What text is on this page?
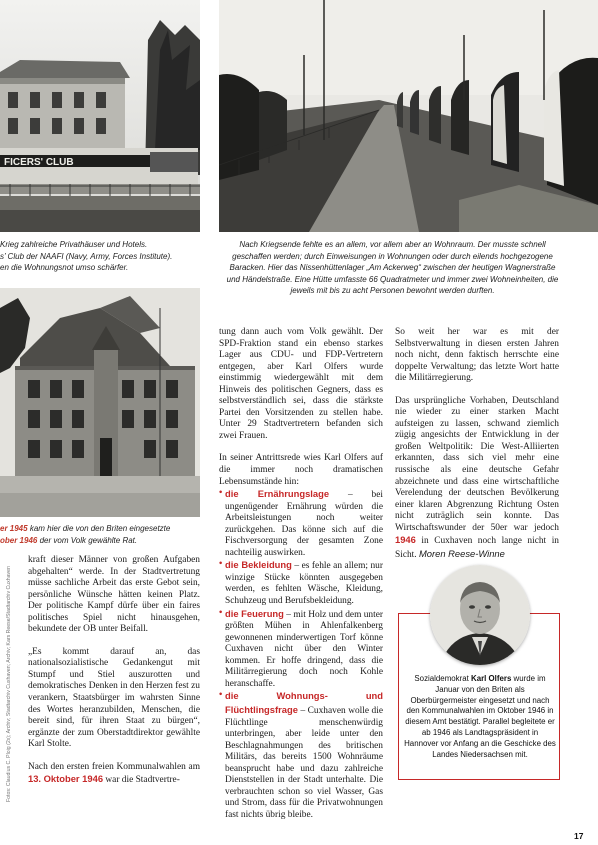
FICERS' CLUB
Krieg zahlreiche Privathäuser und Hotels.
s’ Club der NAAFI (Navy, Army, Forces Institute).
en die Wohnungsnot umso schärfer.
Nach Kriegsende fehlte es an allem, vor allem aber an Wohnraum. Der musste schnell geschaffen werden; durch Einweisungen in Wohnungen oder durch eilends hochgezogene Baracken. Hier das Nissenhüttenlager „Am Ackerweg“ zwischen der heutigen Wagnerstraße und Händelstraße. Eine Hütte umfasste 66 Quadratmeter und immer zwei Wohneinheiten, die jeweils mit bis zu acht Personen bewohnt werden durften.
er 1945 kam hier die von den Briten eingesetzte
ober 1946 der vom Volk gewählte Rat.
Fotos: Claudius C. Ploig (2x); Archiv; Stadtarchiv Cuxhaven; Archiv; Kars Reese/Stadtarchiv Cuxhaven

kraft dieser Männer von großen Aufgaben abgehalten“ werde. In der Stadtvertretung müsse sachliche Arbeit das erste Gebot sein, persönliche Wünsche hätten keinen Platz. Der politische Kampf dürfe über ein faires politisches Spiel nicht hinausgehen, bekundete der OB unter Beifall.

„Es kommt darauf an, das nationalsozialistische Gedankengut mit Stumpf und Stiel auszurotten und demokratisches Denken in den Herzen fest zu verankern, Staatsbürger im wahrsten Sinne des Wortes heranzubilden, Menschen, die bereit sind, für ihren Staat zu bürgen“, ergänzte der zum Oberstadtdirektor gewählte Karl Stolte.

Nach den ersten freien Kommunalwahlen am 13. Oktober 1946 war die Stadtvertre-

tung dann auch vom Volk gewählt. Der SPD-Fraktion stand ein ebenso starkes Lager aus CDU- und FDP-Vertretern entgegen, aber Karl Olfers wurde einstimmig wiedergewählt mit dem Hinweis des politischen Gegners, dass es selbstverständlich sei, dass die stärkste Partei den Vorsitzenden zu stellen habe. Unter 29 Stadtvertretern befanden sich zwei Frauen.

In seiner Antrittsrede wies Karl Olfers auf die immer noch dramatischen Lebensumstände hin:

• die Ernährungslage – bei ungenügender Ernährung würden die Arbeitsleistungen noch weiter zurückgehen. Das könne sich auf die Fischversorgung der gesamten Zone nachteilig auswirken.
• die Bekleidung – es fehle an allem; nur winzige Stücke könnten ausgegeben werden, es fehlten Wäsche, Kleidung, Schuhzeug und Berufsbekleidung.
• die Feuerung – mit Holz und dem unter größten Mühen in Ahlenfalkenberg gewonnenen minderwertigen Torf könne Cuxhaven nicht über den Winter kommen. Er hoffe dringend, dass die Militärregierung doch noch Kohle heranschaffe.
• die Wohnungs- und Flüchtlingsfrage – Cuxhaven wolle die Flüchtlinge menschenwürdig unterbringen, aber leide unter den Beschlagnahmungen des britischen Militärs, das bereits 1500 Wohnräume beansprucht habe und dazu zahlreiche Dienststellen in der Stadt unterhalte. Die verbrauchten schon so viel Wasser, Gas und Strom, dass für die Privatwohnungen fast nichts übrig bleibe.

So weit her war es mit der Selbstverwaltung in diesen ersten Jahren noch nicht, denn faktisch herrschte eine doppelte Verwaltung; das letzte Wort hatte die Militärregierung.

Das ursprüngliche Vorhaben, Deutschland nie wieder zu einer starken Macht aufsteigen zu lassen, schwand ziemlich zügig angesichts der Entwicklung in der großen Weltpolitik: Die West-Alliierten erkannten, dass sich viel mehr eine russische als eine deutsche Gefahr abzeichnete und dass eine wirtschaftliche Verelendung der deutschen Bevölkerung einer klaren Abgrenzung Richtung Osten nicht zuträglich sein konnte. Das Wirtschaftswunder der 50er war jedoch 1946 in Cuxhaven noch lange nicht in Sicht. Moren Reese-Winne

Sozialdemokrat Karl Olfers wurde im Januar von den Briten als Oberbürgermeister eingesetzt und nach den Kommunalwahlen im Oktober 1946 in diesem Amt bestätigt. Parallel begleitete er ab 1946 als Landtagspräsident in Hannover vor Anfang an die Geschicke des Landes Niedersachsen mit.
17
